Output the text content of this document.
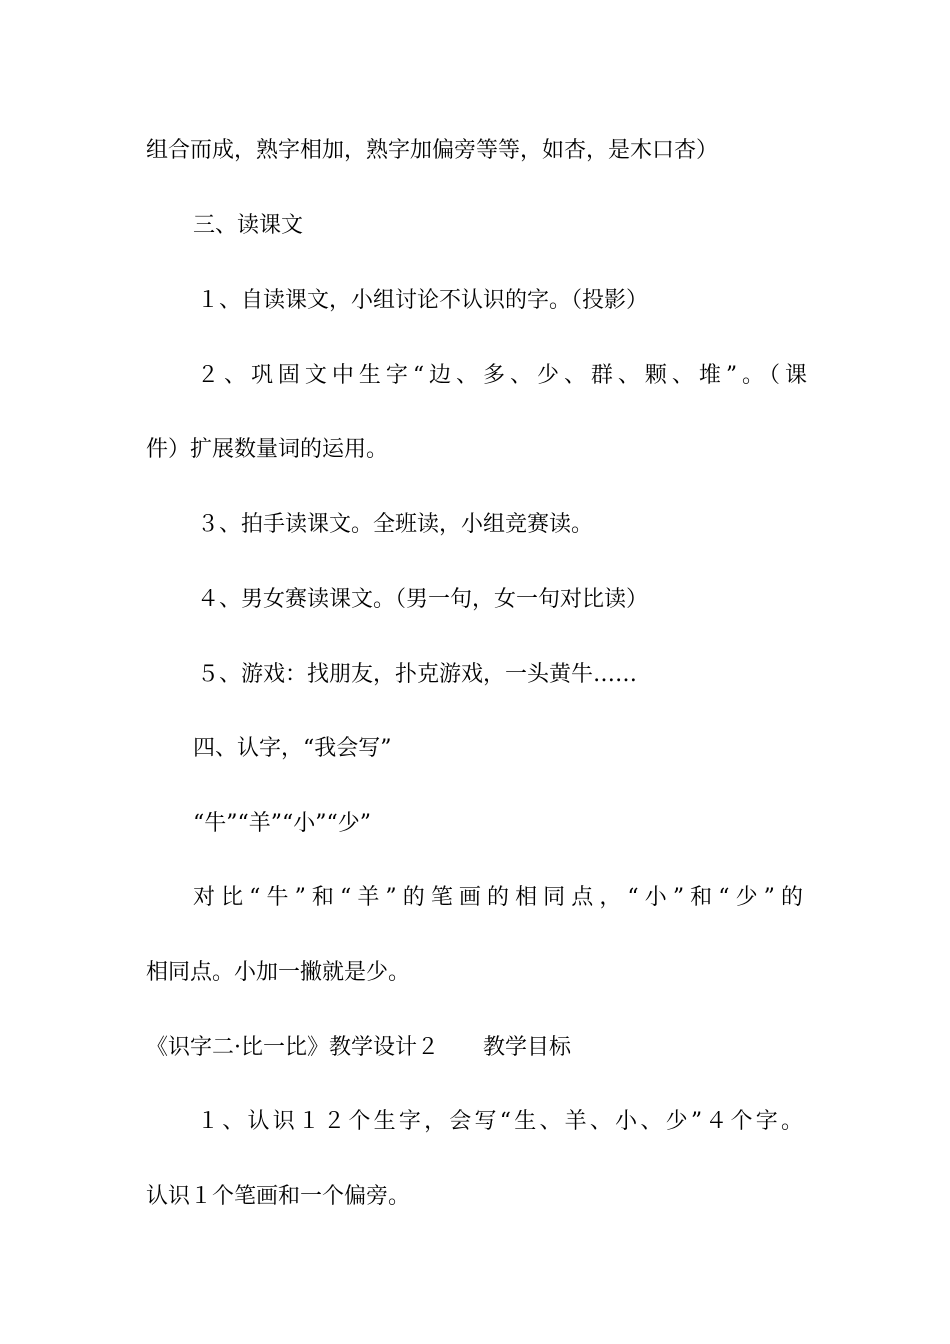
组合而成，熟字相加，熟字加偏旁等等，如杏，是木口杏）
三、读课文
１、自读课文，小组讨论不认识的字。（投影）
２、巩固文中生字“边、多、少、群、颗、堆”。（课
件）扩展数量词的运用。
３、拍手读课文。全班读，小组竞赛读。
４、男女赛读课文。（男一句，女一句对比读）
５、游戏：找朋友，扑克游戏，一头黄牛……
四、认字，“我会写”
“牛”“羊”“小”“少”
对比“牛”和“羊”的笔画的相同点，“小”和“少”的
相同点。小加一撇就是少。
《识字二·比一比》教学设计２　　教学目标
１、认识１２个生字，会写“生、羊、小、少”４个字。
认识１个笔画和一个偏旁。
